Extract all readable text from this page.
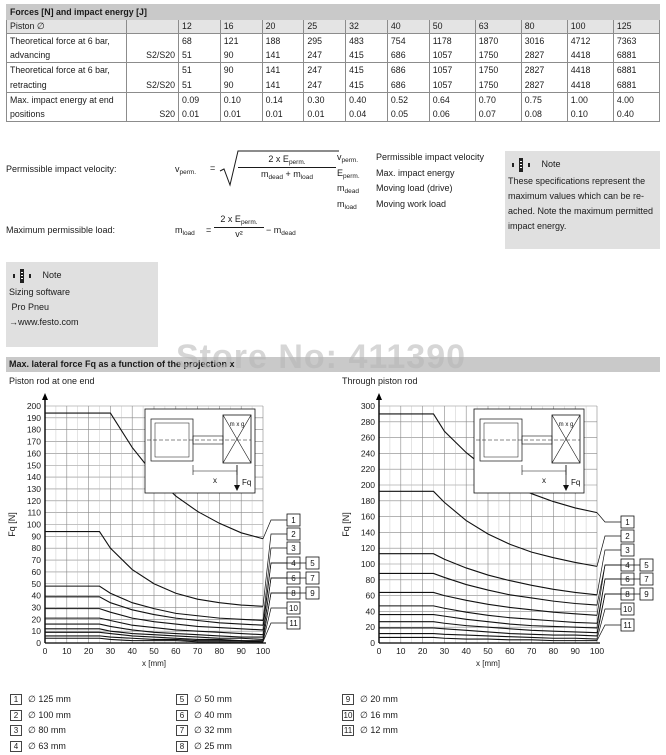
Forces [N] and impact energy [J]												
Piston ∅		12	16	20	25	32	40	50	63	80	100	125
Theoretical force at 6 bar,		68	121	188	295	483	754	1178	1870	3016	4712	7363
advancing	S2/S20	51	90	141	247	415	686	1057	1750	2827	4418	6881
Theoretical force at 6 bar,		51	90	141	247	415	686	1057	1750	2827	4418	6881
retracting	S2/S20	51	90	141	247	415	686	1057	1750	2827	4418	6881
Max. impact energy at end		0.09	0.10	0.14	0.30	0.40	0.52	0.64	0.70	0.75	1.00	4.00
positions	S20	0.01	0.01	0.01	0.01	0.04	0.05	0.06	0.07	0.08	0.10	0.40
Permissible impact velocity:	$v_{perm.}$ =
2 x $E_{perm.}$
$m_{dead} + m_{load}$
Maximum permissible load:	$m_{load}$ =
2 x $E_{perm.}$
v²	− $m_{dead}$
$v_{perm.}$ Permissible impact velocity
$E_{perm.}$ Max. impact energy
$m_{dead}$ Moving load (drive)
$m_{load}$ Moving work load
Note
These specifications represent the
maximum values which can be re-
ached. Note the maximum permitted
impact energy.
Note
Sizing software
Pro Pneu
→www.festo.com
Max. lateral force Fq as a function of the projection x
Store No: 411390
Piston rod at one end	Through piston rod
0
10
20
30
40
50
60
70
80
90
100
110
120
130
140
150
160
170
180
190
200
0 10 20 30 40 50 60 70 80 90 100
Fq [N]
x [mm]
1
2
3
4 5
6 7
8 9
10
11
m x g
x	Fq
0
20
40
60
80
100
120
140
160
180
200
220
240
260
280
300
0 10 20 30 40 50 60 70 80 90 100
Fq [N]
x [mm]
1
2
3
4 5
6 7
8 9
10
11
m x g
x	Fq
1 ∅ 125 mm
2 ∅ 100 mm
3 ∅ 80 mm
4 ∅ 63 mm
5 ∅ 50 mm
6 ∅ 40 mm
7 ∅ 32 mm
8 ∅ 25 mm
9 ∅ 20 mm
10 ∅ 16 mm
11 ∅ 12 mm
